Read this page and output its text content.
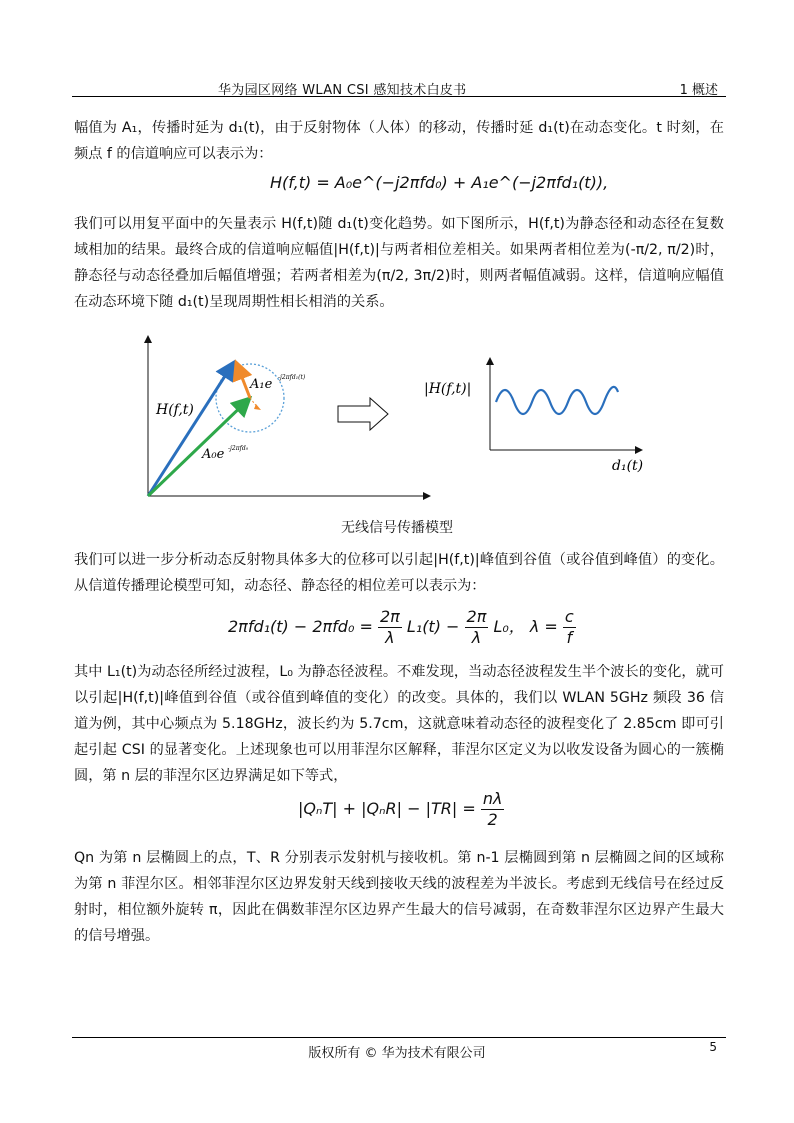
华为园区网络 WLAN CSI 感知技术白皮书	1 概述

幅值为 A₁，传播时延为 d₁(t)，由于反射物体（人体）的移动，传播时延 d₁(t)在动态变化。t 时刻，在频点 f 的信道响应可以表示为：

H(f,t) = A₀e^(−j2πfd₀) + A₁e^(−j2πfd₁(t)),

我们可以用复平面中的矢量表示 H(f,t)随 d₁(t)变化趋势。如下图所示，H(f,t)为静态径和动态径在复数域相加的结果。最终合成的信道响应幅值|H(f,t)|与两者相位差相关。如果两者相位差为(-π/2, π/2)时，静态径与动态径叠加后幅值增强；若两者相差为(π/2, 3π/2)时，则两者幅值减弱。这样，信道响应幅值在动态环境下随 d₁(t)呈现周期性相长相消的关系。

H(f,t)
A₁e -j2πfd₁(t)
A₀e -j2πfd₀
|H(f,t)|
d₁(t)
无线信号传播模型

我们可以进一步分析动态反射物具体多大的位移可以引起|H(f,t)|峰值到谷值（或谷值到峰值）的变化。从信道传播理论模型可知，动态径、静态径的相位差可以表示为：

$2\pi fd_1(t) - 2\pi fd_0 = \frac{2\pi}{\lambda} L_1(t) - \frac{2\pi}{\lambda} L_0$， $\lambda = \frac{c}{f}$

其中 L₁(t)为动态径所经过波程，L₀ 为静态径波程。不难发现，当动态径波程发生半个波长的变化，就可以引起|H(f,t)|峰值到谷值（或谷值到峰值的变化）的改变。具体的，我们以 WLAN 5GHz 频段 36 信道为例，其中心频点为 5.18GHz，波长约为 5.7cm，这就意味着动态径的波程变化了 2.85cm 即可引起引起 CSI 的显著变化。上述现象也可以用菲涅尔区解释，菲涅尔区定义为以收发设备为圆心的一簇椭圆，第 n 层的菲涅尔区边界满足如下等式，

$|Q_nT| + |Q_nR| - |TR| = \frac{n\lambda}{2}$

Qn 为第 n 层椭圆上的点，T、R 分别表示发射机与接收机。第 n-1 层椭圆到第 n 层椭圆之间的区域称为第 n 菲涅尔区。相邻菲涅尔区边界发射天线到接收天线的波程差为半波长。考虑到无线信号在经过反射时，相位额外旋转 π，因此在偶数菲涅尔区边界产生最大的信号减弱，在奇数菲涅尔区边界产生最大的信号增强。

版权所有 © 华为技术有限公司	5
